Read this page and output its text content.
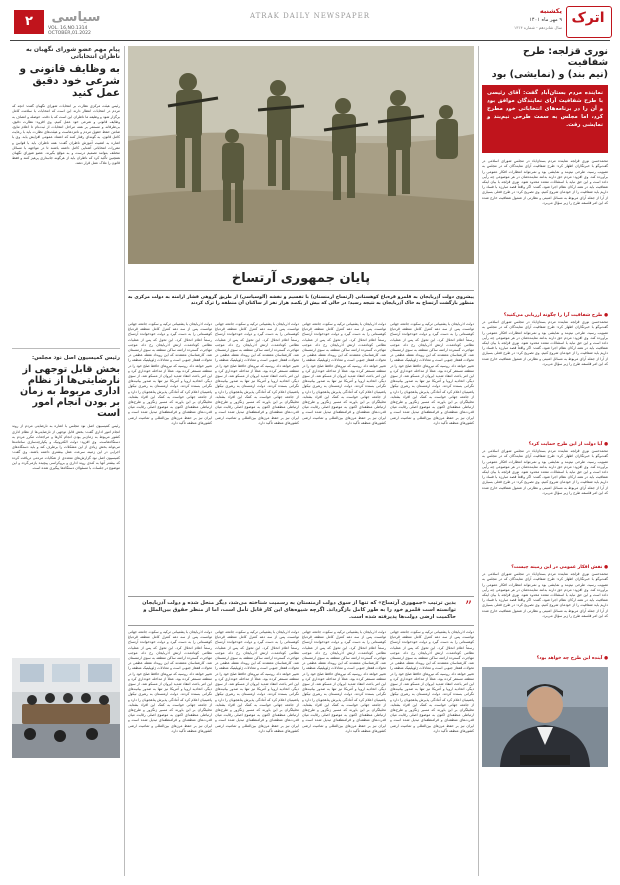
۲	سیاسی
VOL. 16,NO.1314
OCTOBER,01.2022
ATRAK DAILY NEWSPAPER	اترک
یکشنبه
۹ مهر ماه ۱۴۰۱
سال شانزدهم - شماره ۱۳۱۴
پیام مهم عضو شورای نگهبان به ناظران انتخاباتی
به وظایف قانونی و شرعی خود دقیق عمل کنید
رئیس هیئت مرکزی نظارت بر انتخابات شورای نگهبان گفت: آنچه که مردم در انتخابات انتظار دارند این است که انتخابات با سلامت کامل برگزار شود و وظیفه ما ناظران این است که با دقت، حوصله و انصاف به وظایف قانونی و شرعی خود عمل کنیم. وی افزود: نظارت دقیق، بی‌طرفانه و مستمر بر همه مراحل انتخابات از ثبت‌نام تا اعلام نتایج، ضامن حفظ حقوق مردم و نامزدهاست و هیئت‌های نظارت باید با رعایت کامل قانون، به گونه‌ای رفتار کنند که اعتماد عمومی افزایش یابد. وی با اشاره به اهمیت آموزش ناظران گفت: همه ناظران باید با قوانین و مقررات انتخاباتی آشنایی کامل داشته باشند تا در مواجهه با مسائل مختلف بتوانند تصمیم درست و به موقع بگیرند. عضو شورای نگهبان همچنین تأکید کرد که ناظران باید از هرگونه جانبداری پرهیز کنند و فقط قانون را ملاک عمل قرار دهند.
رئیس کمیسیون اصل نود مجلس:
بخش قابل توجهی از نارضایتی‌ها از نظام اداری مربوط به زمان بر بودن انجام امور است
رئیس کمیسیون اصل نود مجلس با اشاره به نارضایتی مردم از روند انجام امور اداری گفت: بخش قابل توجهی از نارضایتی‌ها از نظام اداری کشور مربوط به زمان‌بر بودن انجام کارها و مراجعات مکرر مردم به دستگاه‌هاست. وی افزود: دولت الکترونیک و یکپارچه‌سازی سامانه‌ها می‌تواند بخش زیادی از این مشکلات را برطرف کند و باید دستگاه‌های اجرایی در این زمینه سرعت عمل بیشتری داشته باشند. وی گفت: کمیسیون اصل نود گزارش‌های متعددی از شکایات مردمی دریافت کرده که بیشتر آنها به کندی روند اداری و بروکراسی پیچیده بازمی‌گردد و این موضوع در جلسات با مسئولان دستگاه‌ها پیگیری شده است.
پایان جمهوری آرتساخ
پیشروی دولت آذربایجان به قلمرو قره‌باغ کوهستانی (آرتساخ ارمنستان) با تقسیم و نقشه (آلوسیاسی) از طریق گروهی فشار ارامنه به دولت مرکزی به منظور بازگشت آرتساخ به خاک آذربایجان به نتیجه رسید؛ در حالی که بیش از یکصد هزار نفر از ساکنان آن منطقه را ترک کردند
دولت آذربایجان با پشتیبانی ترکیه و سکوت جامعه جهانی توانست پس از سه دهه کنترل کامل منطقه قره‌باغ کوهستانی را به دست گیرد و دولت خودخوانده آرتساخ رسماً اعلام انحلال کرد. این تحول که پس از عملیات نظامی کوتاه‌مدت ارتش آذربایجان رخ داد، موجب مهاجرت گسترده ارامنه ساکن منطقه به سوی ارمنستان شد. کارشناسان معتقدند که این رویداد نقطه عطفی در تحولات قفقاز جنوبی است و معادلات ژئوپلیتیک منطقه را تغییر خواهد داد. روسیه که نیروهای حافظ صلح خود را در منطقه مستقر کرده بود، عملاً از مداخله خودداری کرد و این امر باعث انتقاد شدید ایروان از مسکو شد. از سوی دیگر، اتحادیه اروپا و آمریکا نیز تنها به صدور بیانیه‌های نگرانی بسنده کردند. دولت ارمنستان به رهبری نیکول پاشینیان اعلام کرد که آمادگی پذیرش پناهجویان را دارد و از جامعه جهانی خواست به کمک این افراد بشتابد. تحلیلگران بر این باورند که مسیر زنگزور و طرح‌های ارتباطی منطقه‌ای اکنون به موضوع اصلی رقابت میان قدرت‌های منطقه‌ای و فرامنطقه‌ای تبدیل شده است و ایران نیز بر حفظ مرزهای بین‌المللی و تمامیت ارضی کشورهای منطقه تأکید دارد.
دولت آذربایجان با پشتیبانی ترکیه و سکوت جامعه جهانی توانست پس از سه دهه کنترل کامل منطقه قره‌باغ کوهستانی را به دست گیرد و دولت خودخوانده آرتساخ رسماً اعلام انحلال کرد. این تحول که پس از عملیات نظامی کوتاه‌مدت ارتش آذربایجان رخ داد، موجب مهاجرت گسترده ارامنه ساکن منطقه به سوی ارمنستان شد. کارشناسان معتقدند که این رویداد نقطه عطفی در تحولات قفقاز جنوبی است و معادلات ژئوپلیتیک منطقه را تغییر خواهد داد. روسیه که نیروهای حافظ صلح خود را در منطقه مستقر کرده بود، عملاً از مداخله خودداری کرد و این امر باعث انتقاد شدید ایروان از مسکو شد. از سوی دیگر، اتحادیه اروپا و آمریکا نیز تنها به صدور بیانیه‌های نگرانی بسنده کردند. دولت ارمنستان به رهبری نیکول پاشینیان اعلام کرد که آمادگی پذیرش پناهجویان را دارد و از جامعه جهانی خواست به کمک این افراد بشتابد. تحلیلگران بر این باورند که مسیر زنگزور و طرح‌های ارتباطی منطقه‌ای اکنون به موضوع اصلی رقابت میان قدرت‌های منطقه‌ای و فرامنطقه‌ای تبدیل شده است و ایران نیز بر حفظ مرزهای بین‌المللی و تمامیت ارضی کشورهای منطقه تأکید دارد.
دولت آذربایجان با پشتیبانی ترکیه و سکوت جامعه جهانی توانست پس از سه دهه کنترل کامل منطقه قره‌باغ کوهستانی را به دست گیرد و دولت خودخوانده آرتساخ رسماً اعلام انحلال کرد. این تحول که پس از عملیات نظامی کوتاه‌مدت ارتش آذربایجان رخ داد، موجب مهاجرت گسترده ارامنه ساکن منطقه به سوی ارمنستان شد. کارشناسان معتقدند که این رویداد نقطه عطفی در تحولات قفقاز جنوبی است و معادلات ژئوپلیتیک منطقه را تغییر خواهد داد. روسیه که نیروهای حافظ صلح خود را در منطقه مستقر کرده بود، عملاً از مداخله خودداری کرد و این امر باعث انتقاد شدید ایروان از مسکو شد. از سوی دیگر، اتحادیه اروپا و آمریکا نیز تنها به صدور بیانیه‌های نگرانی بسنده کردند. دولت ارمنستان به رهبری نیکول پاشینیان اعلام کرد که آمادگی پذیرش پناهجویان را دارد و از جامعه جهانی خواست به کمک این افراد بشتابد. تحلیلگران بر این باورند که مسیر زنگزور و طرح‌های ارتباطی منطقه‌ای اکنون به موضوع اصلی رقابت میان قدرت‌های منطقه‌ای و فرامنطقه‌ای تبدیل شده است و ایران نیز بر حفظ مرزهای بین‌المللی و تمامیت ارضی کشورهای منطقه تأکید دارد.
دولت آذربایجان با پشتیبانی ترکیه و سکوت جامعه جهانی توانست پس از سه دهه کنترل کامل منطقه قره‌باغ کوهستانی را به دست گیرد و دولت خودخوانده آرتساخ رسماً اعلام انحلال کرد. این تحول که پس از عملیات نظامی کوتاه‌مدت ارتش آذربایجان رخ داد، موجب مهاجرت گسترده ارامنه ساکن منطقه به سوی ارمنستان شد. کارشناسان معتقدند که این رویداد نقطه عطفی در تحولات قفقاز جنوبی است و معادلات ژئوپلیتیک منطقه را تغییر خواهد داد. روسیه که نیروهای حافظ صلح خود را در منطقه مستقر کرده بود، عملاً از مداخله خودداری کرد و این امر باعث انتقاد شدید ایروان از مسکو شد. از سوی دیگر، اتحادیه اروپا و آمریکا نیز تنها به صدور بیانیه‌های نگرانی بسنده کردند. دولت ارمنستان به رهبری نیکول پاشینیان اعلام کرد که آمادگی پذیرش پناهجویان را دارد و از جامعه جهانی خواست به کمک این افراد بشتابد. تحلیلگران بر این باورند که مسیر زنگزور و طرح‌های ارتباطی منطقه‌ای اکنون به موضوع اصلی رقابت میان قدرت‌های منطقه‌ای و فرامنطقه‌ای تبدیل شده است و ایران نیز بر حفظ مرزهای بین‌المللی و تمامیت ارضی کشورهای منطقه تأکید دارد.
بدین ترتیب «جمهوری آرتساخ» که تنها از سوی دولت ارمنستان به رسمیت شناخته می‌شد، دیگر منحل شده و دولت آذربایجان توانسته است قلمرو خود را به طور کامل بازگرداند. اگرچه شیوه‌های این کار قابل تأمل است، اما از منظر حقوق بین‌الملل و حاکمیت ارضی دولت‌ها پذیرفته شده است.
”
دولت آذربایجان با پشتیبانی ترکیه و سکوت جامعه جهانی توانست پس از سه دهه کنترل کامل منطقه قره‌باغ کوهستانی را به دست گیرد و دولت خودخوانده آرتساخ رسماً اعلام انحلال کرد. این تحول که پس از عملیات نظامی کوتاه‌مدت ارتش آذربایجان رخ داد، موجب مهاجرت گسترده ارامنه ساکن منطقه به سوی ارمنستان شد. کارشناسان معتقدند که این رویداد نقطه عطفی در تحولات قفقاز جنوبی است و معادلات ژئوپلیتیک منطقه را تغییر خواهد داد. روسیه که نیروهای حافظ صلح خود را در منطقه مستقر کرده بود، عملاً از مداخله خودداری کرد و این امر باعث انتقاد شدید ایروان از مسکو شد. از سوی دیگر، اتحادیه اروپا و آمریکا نیز تنها به صدور بیانیه‌های نگرانی بسنده کردند. دولت ارمنستان به رهبری نیکول پاشینیان اعلام کرد که آمادگی پذیرش پناهجویان را دارد و از جامعه جهانی خواست به کمک این افراد بشتابد. تحلیلگران بر این باورند که مسیر زنگزور و طرح‌های ارتباطی منطقه‌ای اکنون به موضوع اصلی رقابت میان قدرت‌های منطقه‌ای و فرامنطقه‌ای تبدیل شده است و ایران نیز بر حفظ مرزهای بین‌المللی و تمامیت ارضی کشورهای منطقه تأکید دارد.
دولت آذربایجان با پشتیبانی ترکیه و سکوت جامعه جهانی توانست پس از سه دهه کنترل کامل منطقه قره‌باغ کوهستانی را به دست گیرد و دولت خودخوانده آرتساخ رسماً اعلام انحلال کرد. این تحول که پس از عملیات نظامی کوتاه‌مدت ارتش آذربایجان رخ داد، موجب مهاجرت گسترده ارامنه ساکن منطقه به سوی ارمنستان شد. کارشناسان معتقدند که این رویداد نقطه عطفی در تحولات قفقاز جنوبی است و معادلات ژئوپلیتیک منطقه را تغییر خواهد داد. روسیه که نیروهای حافظ صلح خود را در منطقه مستقر کرده بود، عملاً از مداخله خودداری کرد و این امر باعث انتقاد شدید ایروان از مسکو شد. از سوی دیگر، اتحادیه اروپا و آمریکا نیز تنها به صدور بیانیه‌های نگرانی بسنده کردند. دولت ارمنستان به رهبری نیکول پاشینیان اعلام کرد که آمادگی پذیرش پناهجویان را دارد و از جامعه جهانی خواست به کمک این افراد بشتابد. تحلیلگران بر این باورند که مسیر زنگزور و طرح‌های ارتباطی منطقه‌ای اکنون به موضوع اصلی رقابت میان قدرت‌های منطقه‌ای و فرامنطقه‌ای تبدیل شده است و ایران نیز بر حفظ مرزهای بین‌المللی و تمامیت ارضی کشورهای منطقه تأکید دارد.
دولت آذربایجان با پشتیبانی ترکیه و سکوت جامعه جهانی توانست پس از سه دهه کنترل کامل منطقه قره‌باغ کوهستانی را به دست گیرد و دولت خودخوانده آرتساخ رسماً اعلام انحلال کرد. این تحول که پس از عملیات نظامی کوتاه‌مدت ارتش آذربایجان رخ داد، موجب مهاجرت گسترده ارامنه ساکن منطقه به سوی ارمنستان شد. کارشناسان معتقدند که این رویداد نقطه عطفی در تحولات قفقاز جنوبی است و معادلات ژئوپلیتیک منطقه را تغییر خواهد داد. روسیه که نیروهای حافظ صلح خود را در منطقه مستقر کرده بود، عملاً از مداخله خودداری کرد و این امر باعث انتقاد شدید ایروان از مسکو شد. از سوی دیگر، اتحادیه اروپا و آمریکا نیز تنها به صدور بیانیه‌های نگرانی بسنده کردند. دولت ارمنستان به رهبری نیکول پاشینیان اعلام کرد که آمادگی پذیرش پناهجویان را دارد و از جامعه جهانی خواست به کمک این افراد بشتابد. تحلیلگران بر این باورند که مسیر زنگزور و طرح‌های ارتباطی منطقه‌ای اکنون به موضوع اصلی رقابت میان قدرت‌های منطقه‌ای و فرامنطقه‌ای تبدیل شده است و ایران نیز بر حفظ مرزهای بین‌المللی و تمامیت ارضی کشورهای منطقه تأکید دارد.
دولت آذربایجان با پشتیبانی ترکیه و سکوت جامعه جهانی توانست پس از سه دهه کنترل کامل منطقه قره‌باغ کوهستانی را به دست گیرد و دولت خودخوانده آرتساخ رسماً اعلام انحلال کرد. این تحول که پس از عملیات نظامی کوتاه‌مدت ارتش آذربایجان رخ داد، موجب مهاجرت گسترده ارامنه ساکن منطقه به سوی ارمنستان شد. کارشناسان معتقدند که این رویداد نقطه عطفی در تحولات قفقاز جنوبی است و معادلات ژئوپلیتیک منطقه را تغییر خواهد داد. روسیه که نیروهای حافظ صلح خود را در منطقه مستقر کرده بود، عملاً از مداخله خودداری کرد و این امر باعث انتقاد شدید ایروان از مسکو شد. از سوی دیگر، اتحادیه اروپا و آمریکا نیز تنها به صدور بیانیه‌های نگرانی بسنده کردند. دولت ارمنستان به رهبری نیکول پاشینیان اعلام کرد که آمادگی پذیرش پناهجویان را دارد و از جامعه جهانی خواست به کمک این افراد بشتابد. تحلیلگران بر این باورند که مسیر زنگزور و طرح‌های ارتباطی منطقه‌ای اکنون به موضوع اصلی رقابت میان قدرت‌های منطقه‌ای و فرامنطقه‌ای تبدیل شده است و ایران نیز بر حفظ مرزهای بین‌المللی و تمامیت ارضی کشورهای منطقه تأکید دارد.
نوری قزلجه: طرح شفافیت
(نیم بند) و (نمایشی) بود
نماینده مردم بستان‌آباد گفت: آقای رئیسی با طرح شفافیت آرای نمایندگان موافق بود و آن را در برنامه‌های انتخاباتی خود مطرح کرد، اما مجلس به سمت طرحی نیم‌بند و نمایشی رفت.
محمدحسن نوری قزلجه نماینده مردم بستان‌آباد در مجلس شورای اسلامی در گفت‌وگو با خبرنگاران اظهار کرد: طرح شفافیت آرای نمایندگان که در مجلس به تصویب رسید، طرحی نیم‌بند و نمایشی بود و نمی‌تواند انتظارات افکار عمومی را برآورده کند. وی افزود: مردم حق دارند بدانند نماینده‌شان در هر موضوعی چه رأیی داده است و این حق نباید با استثنائات متعدد محدود شود. نوری قزلجه با بیان اینکه شفافیت باید در همه ارکان نظام اجرا شود، گفت: اگر واقعاً قصد مبارزه با فساد را داریم باید شفافیت را از خودمان شروع کنیم. وی تصریح کرد: در طرح فعلی بسیاری از آرا از جمله آرای مربوط به مسائل امنیتی و نظارتی از شمول شفافیت خارج شده که این امر فلسفه طرح را زیر سؤال می‌برد.
● طرح شفافیت آرا را چگونه ارزیابی می‌کنید؟
محمدحسن نوری قزلجه نماینده مردم بستان‌آباد در مجلس شورای اسلامی در گفت‌وگو با خبرنگاران اظهار کرد: طرح شفافیت آرای نمایندگان که در مجلس به تصویب رسید، طرحی نیم‌بند و نمایشی بود و نمی‌تواند انتظارات افکار عمومی را برآورده کند. وی افزود: مردم حق دارند بدانند نماینده‌شان در هر موضوعی چه رأیی داده است و این حق نباید با استثنائات متعدد محدود شود. نوری قزلجه با بیان اینکه شفافیت باید در همه ارکان نظام اجرا شود، گفت: اگر واقعاً قصد مبارزه با فساد را داریم باید شفافیت را از خودمان شروع کنیم. وی تصریح کرد: در طرح فعلی بسیاری از آرا از جمله آرای مربوط به مسائل امنیتی و نظارتی از شمول شفافیت خارج شده که این امر فلسفه طرح را زیر سؤال می‌برد.
● آیا دولت از این طرح حمایت کرد؟
محمدحسن نوری قزلجه نماینده مردم بستان‌آباد در مجلس شورای اسلامی در گفت‌وگو با خبرنگاران اظهار کرد: طرح شفافیت آرای نمایندگان که در مجلس به تصویب رسید، طرحی نیم‌بند و نمایشی بود و نمی‌تواند انتظارات افکار عمومی را برآورده کند. وی افزود: مردم حق دارند بدانند نماینده‌شان در هر موضوعی چه رأیی داده است و این حق نباید با استثنائات متعدد محدود شود. نوری قزلجه با بیان اینکه شفافیت باید در همه ارکان نظام اجرا شود، گفت: اگر واقعاً قصد مبارزه با فساد را داریم باید شفافیت را از خودمان شروع کنیم. وی تصریح کرد: در طرح فعلی بسیاری از آرا از جمله آرای مربوط به مسائل امنیتی و نظارتی از شمول شفافیت خارج شده که این امر فلسفه طرح را زیر سؤال می‌برد.
● نقش افکار عمومی در این زمینه چیست؟
محمدحسن نوری قزلجه نماینده مردم بستان‌آباد در مجلس شورای اسلامی در گفت‌وگو با خبرنگاران اظهار کرد: طرح شفافیت آرای نمایندگان که در مجلس به تصویب رسید، طرحی نیم‌بند و نمایشی بود و نمی‌تواند انتظارات افکار عمومی را برآورده کند. وی افزود: مردم حق دارند بدانند نماینده‌شان در هر موضوعی چه رأیی داده است و این حق نباید با استثنائات متعدد محدود شود. نوری قزلجه با بیان اینکه شفافیت باید در همه ارکان نظام اجرا شود، گفت: اگر واقعاً قصد مبارزه با فساد را داریم باید شفافیت را از خودمان شروع کنیم. وی تصریح کرد: در طرح فعلی بسیاری از آرا از جمله آرای مربوط به مسائل امنیتی و نظارتی از شمول شفافیت خارج شده که این امر فلسفه طرح را زیر سؤال می‌برد.
● آینده این طرح چه خواهد بود؟
